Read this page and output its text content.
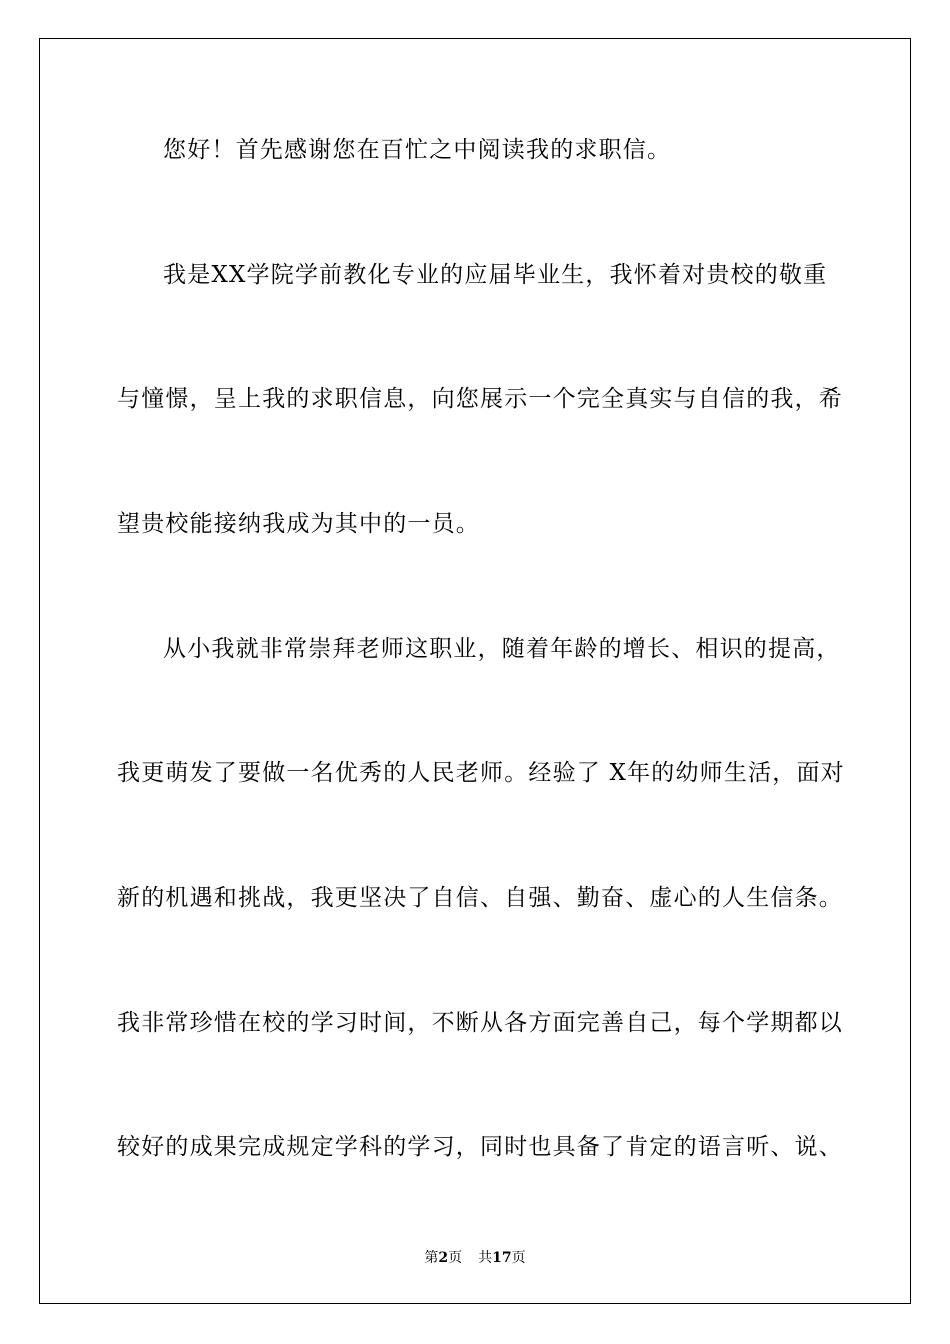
您好！首先感谢您在百忙之中阅读我的求职信。

我是XX学院学前教化专业的应届毕业生，我怀着对贵校的敬重

与憧憬，呈上我的求职信息，向您展示一个完全真实与自信的我，希

望贵校能接纳我成为其中的一员。

从小我就非常崇拜老师这职业，随着年龄的增长、相识的提高，

我更萌发了要做一名优秀的人民老师。经验了 X年的幼师生活，面对

新的机遇和挑战，我更坚决了自信、自强、勤奋、虚心的人生信条。

我非常珍惜在校的学习时间，不断从各方面完善自己，每个学期都以

较好的成果完成规定学科的学习，同时也具备了肯定的语言听、说、

第2页 共17页
